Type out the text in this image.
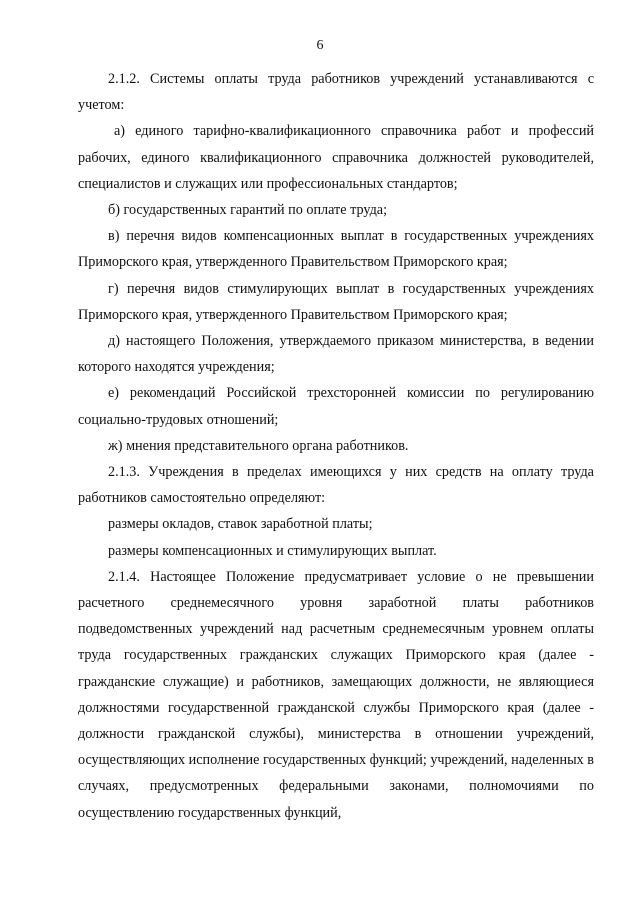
6

2.1.2. Системы оплаты труда работников учреждений устанавливаются с учетом:

а) единого тарифно-квалификационного справочника работ и профессий рабочих, единого квалификационного справочника должностей руководителей, специалистов и служащих или профессиональных стандартов;

б) государственных гарантий по оплате труда;

в) перечня видов компенсационных выплат в государственных учреждениях Приморского края, утвержденного Правительством Приморского края;

г) перечня видов стимулирующих выплат в государственных учреждениях Приморского края, утвержденного Правительством Приморского края;

д) настоящего Положения, утверждаемого приказом министерства, в ведении которого находятся учреждения;

е) рекомендаций Российской трехсторонней комиссии по регулированию социально-трудовых отношений;

ж) мнения представительного органа работников.

2.1.3. Учреждения в пределах имеющихся у них средств на оплату труда работников самостоятельно определяют:

размеры окладов, ставок заработной платы;

размеры компенсационных и стимулирующих выплат.

2.1.4. Настоящее Положение предусматривает условие о не превышении расчетного среднемесячного уровня заработной платы работников подведомственных учреждений над расчетным среднемесячным уровнем оплаты труда государственных гражданских служащих Приморского края (далее - гражданские служащие) и работников, замещающих должности, не являющиеся должностями государственной гражданской службы Приморского края (далее - должности гражданской службы), министерства в отношении учреждений, осуществляющих исполнение государственных функций; учреждений, наделенных в случаях, предусмотренных федеральными законами, полномочиями по осуществлению государственных функций,
